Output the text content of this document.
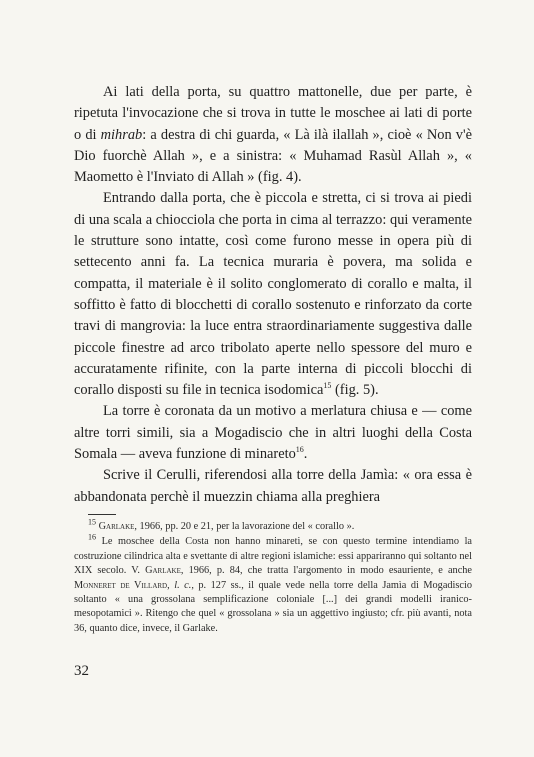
Ai lati della porta, su quattro mattonelle, due per parte, è ripetuta l'invocazione che si trova in tutte le moschee ai lati di porte o di mihrab: a destra di chi guarda, « Là ilà ilallah », cioè « Non v'è Dio fuorchè Allah », e a sinistra: « Muhamad Rasùl Allah », « Maometto è l'Inviato di Allah » (fig. 4).

Entrando dalla porta, che è piccola e stretta, ci si trova ai piedi di una scala a chiocciola che porta in cima al terrazzo: qui veramente le strutture sono intatte, così come furono messe in opera più di settecento anni fa. La tecnica muraria è povera, ma solida e compatta, il materiale è il solito conglomerato di corallo e malta, il soffitto è fatto di blocchetti di corallo sostenuto e rinforzato da corte travi di mangrovia: la luce entra straordinariamente suggestiva dalle piccole finestre ad arco tribolato aperte nello spessore del muro e accuratamente rifinite, con la parte interna di piccoli blocchi di corallo disposti su file in tecnica isodomica$^{15}$ (fig. 5).

La torre è coronata da un motivo a merlatura chiusa e — come altre torri simili, sia a Mogadiscio che in altri luoghi della Costa Somala — aveva funzione di minareto$^{16}$.

Scrive il Cerulli, riferendosi alla torre della Jamìa: « ora essa è abbandonata perchè il muezzin chiama alla preghiera

$^{15}$ Garlake, 1966, pp. 20 e 21, per la lavorazione del « corallo ».

$^{16}$ Le moschee della Costa non hanno minareti, se con questo termine intendiamo la costruzione cilindrica alta e svettante di altre regioni islamiche: essi appariranno qui soltanto nel XIX secolo. V. Garlake, 1966, p. 84, che tratta l'argomento in modo esauriente, e anche Monneret de Villard, l. c., p. 127 ss., il quale vede nella torre della Jamìa di Mogadiscio soltanto « una grossolana semplificazione coloniale [...] dei grandi modelli iranico-mesopotamici ». Ritengo che quel « grossolana » sia un aggettivo ingiusto; cfr. più avanti, nota 36, quanto dice, invece, il Garlake.

32
